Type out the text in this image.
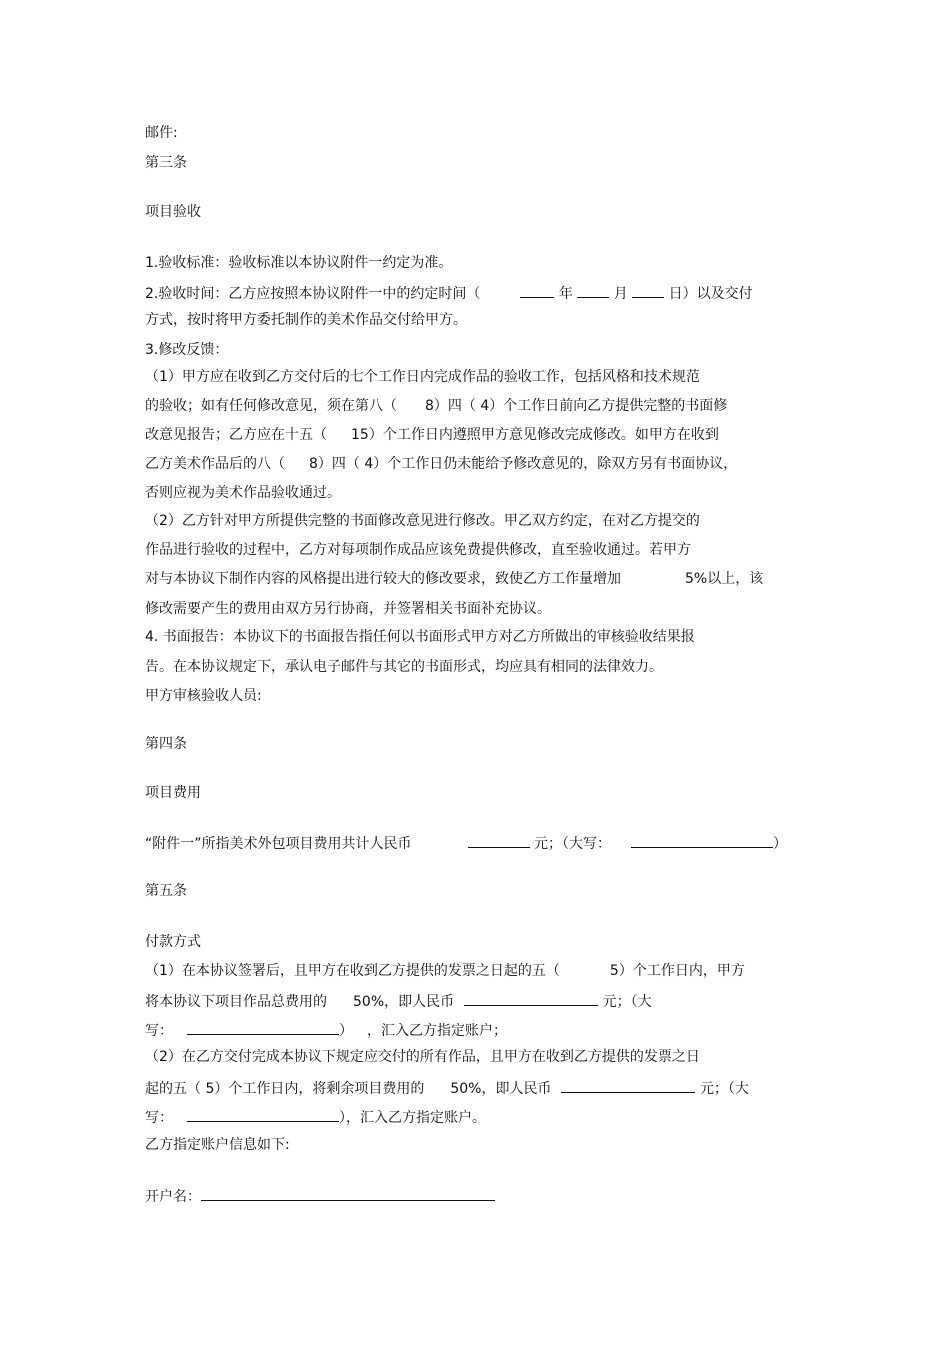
邮件:
第三条
项目验收
1.验收标准：验收标准以本协议附件一约定为准。
2.验收时间：乙方应按照本协议附件一中的约定时间（	年	月	日）以及交付
方式，按时将甲方委托制作的美术作品交付给甲方。
3.修改反馈：
（1）甲方应在收到乙方交付后的七个工作日内完成作品的验收工作，包括风格和技术规范
的验收；如有任何修改意见，须在第八（ 8）四（ 4）个工作日前向乙方提供完整的书面修
改意见报告；乙方应在十五（ 15）个工作日内遵照甲方意见修改完成修改。如甲方在收到
乙方美术作品后的八（ 8）四（ 4）个工作日仍未能给予修改意见的，除双方另有书面协议，
否则应视为美术作品验收通过。
（2）乙方针对甲方所提供完整的书面修改意见进行修改。甲乙双方约定，在对乙方提交的
作品进行验收的过程中，乙方对每项制作成品应该免费提供修改，直至验收通过。若甲方
对与本协议下制作内容的风格提出进行较大的修改要求，致使乙方工作量增加	5%以上，该
修改需要产生的费用由双方另行协商，并签署相关书面补充协议。
4. 书面报告：本协议下的书面报告指任何以书面形式甲方对乙方所做出的审核验收结果报
告。在本协议规定下，承认电子邮件与其它的书面形式，均应具有相同的法律效力。
甲方审核验收人员:
第四条
项目费用
“附件一”所指美术外包项目费用共计人民币	元；（大写：	）
第五条
付款方式
（1）在本协议签署后，且甲方在收到乙方提供的发票之日起的五（	5）个工作日内，甲方
将本协议下项目作品总费用的 50%，即人民币	元；（大
写：	） ，汇入乙方指定账户；
（2）在乙方交付完成本协议下规定应交付的所有作品，且甲方在收到乙方提供的发票之日
起的五（ 5）个工作日内，将剩余项目费用的 50%，即人民币	元；（大
写：	），汇入乙方指定账户。
乙方指定账户信息如下:
开户名：
